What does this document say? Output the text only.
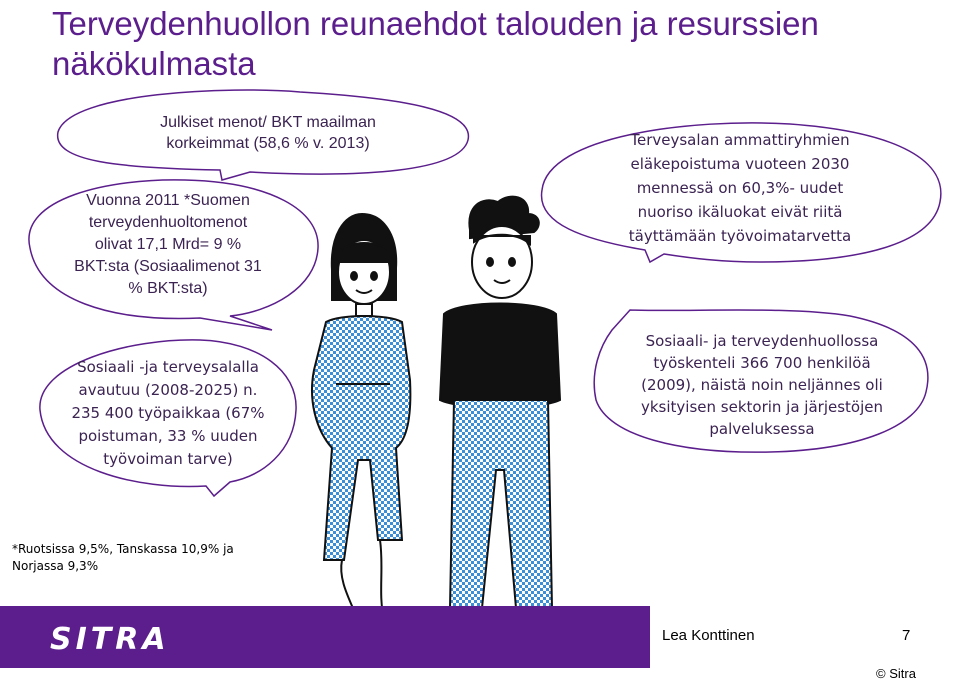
Terveydenhuollon reunaehdot talouden ja resurssien näkökulmasta
Julkiset menot/ BKT maailman
korkeimmat (58,6 % v. 2013)
Vuonna 2011 *Suomen
terveydenhuoltomenot
olivat 17,1 Mrd= 9 %
BKT:sta (Sosiaalimenot 31
% BKT:sta)
Terveysalan ammattiryhmien
eläkepoistuma vuoteen 2030
mennessä on 60,3%- uudet
nuoriso ikäluokat eivät riitä
täyttämään työvoimatarvetta
Sosiaali -ja terveysalalla
avautuu (2008-2025) n.
235 400 työpaikkaa (67%
poistuman, 33 % uuden
työvoiman tarve)
Sosiaali- ja terveydenhuollossa
työskenteli 366 700 henkilöä
(2009), näistä noin neljännes oli
yksityisen sektorin ja järjestöjen
palveluksessa
*Ruotsissa 9,5%, Tanskassa 10,9% ja
Norjassa 9,3%
SITRA	Lea Konttinen	7
© Sitra
